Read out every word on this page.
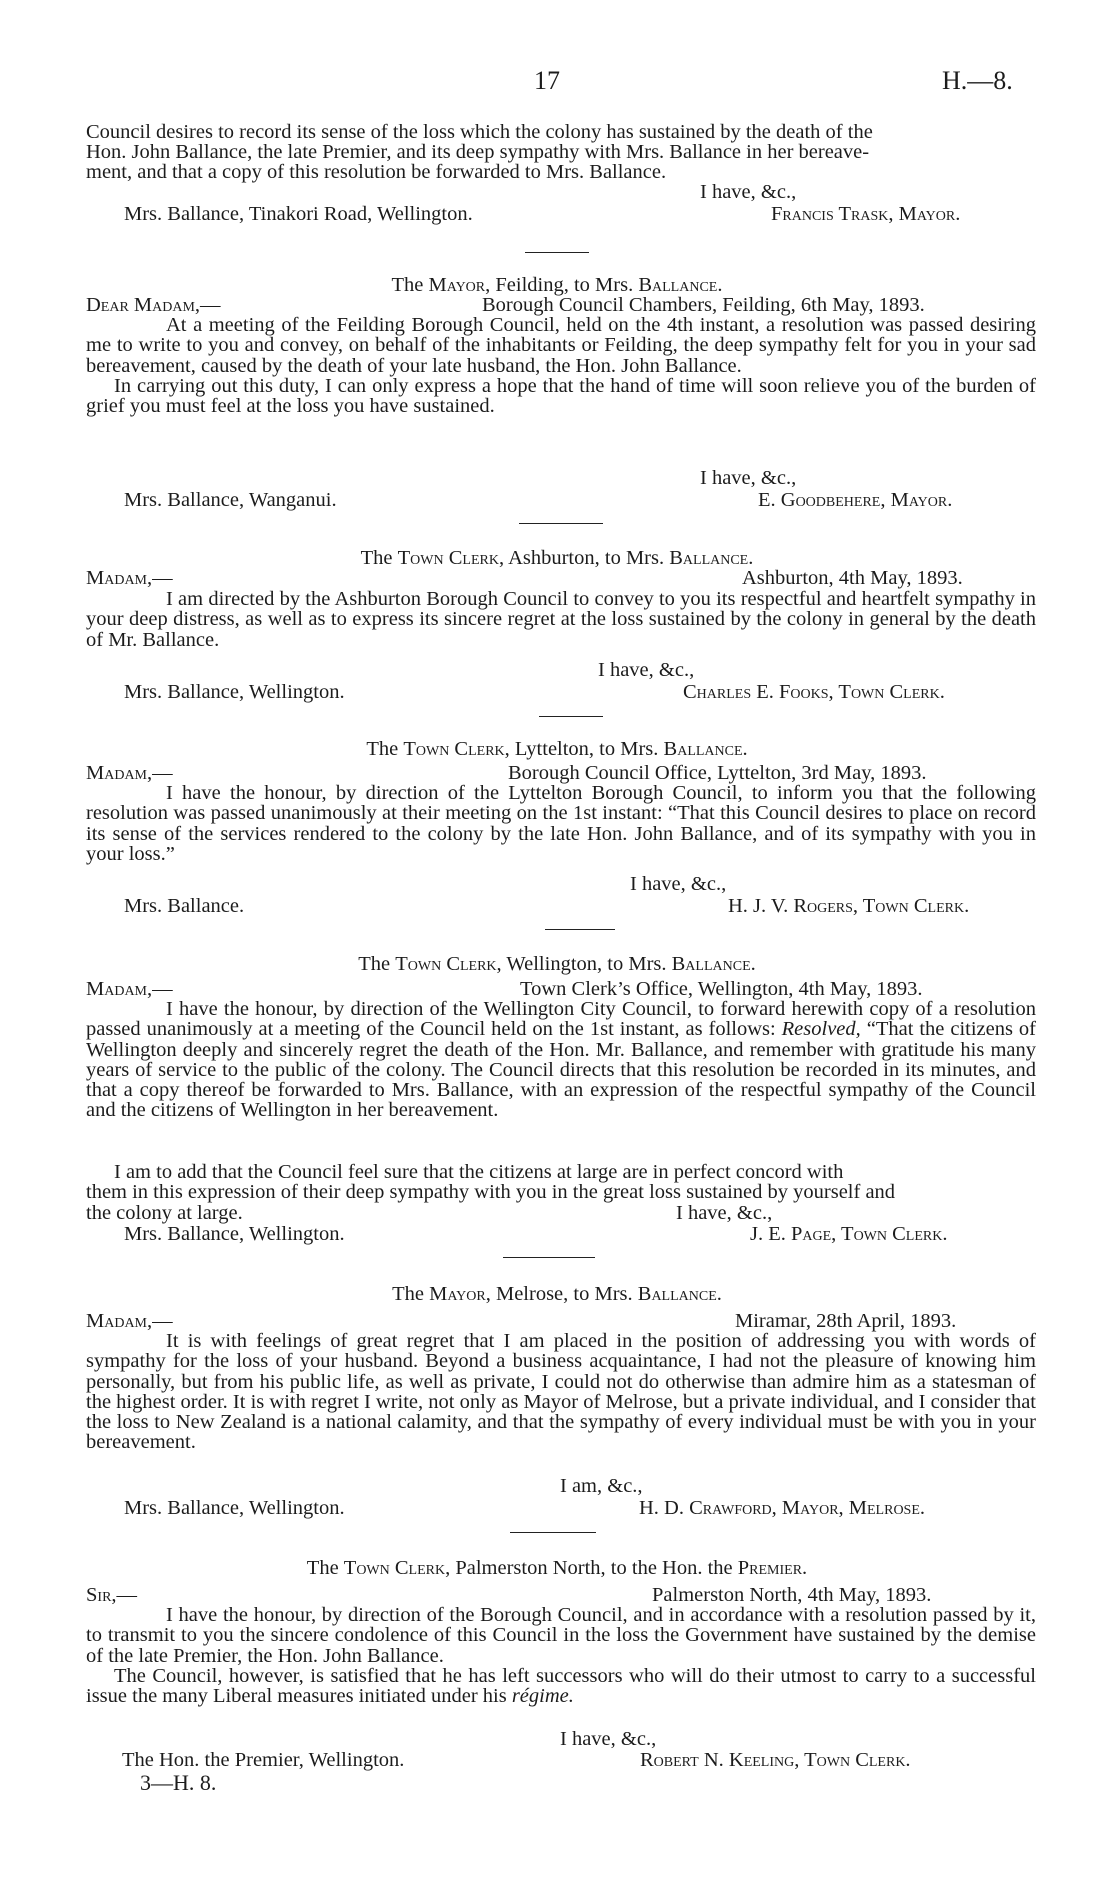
17	H.—8.
Council desires to record its sense of the loss which the colony has sustained by the death of the
Hon. John Ballance, the late Premier, and its deep sympathy with Mrs. Ballance in her bereave-
ment, and that a copy of this resolution be forwarded to Mrs. Ballance.
I have, &c.,
Mrs. Ballance, Tinakori Road, Wellington.	Francis Trask, Mayor.
The Mayor, Feilding, to Mrs. Ballance.
Dear Madam,—	Borough Council Chambers, Feilding, 6th May, 1893.

At a meeting of the Feilding Borough Council, held on the 4th instant, a resolution was passed desiring me to write to you and convey, on behalf of the inhabitants or Feilding, the deep sympathy felt for you in your sad bereavement, caused by the death of your late husband, the Hon. John Ballance.

In carrying out this duty, I can only express a hope that the hand of time will soon relieve you of the burden of grief you must feel at the loss you have sustained.

I have, &c.,
Mrs. Ballance, Wanganui.	E. Goodbehere, Mayor.
The Town Clerk, Ashburton, to Mrs. Ballance.
Madam,—	Ashburton, 4th May, 1893.

I am directed by the Ashburton Borough Council to convey to you its respectful and heartfelt sympathy in your deep distress, as well as to express its sincere regret at the loss sustained by the colony in general by the death of Mr. Ballance.

I have, &c.,
Mrs. Ballance, Wellington.	Charles E. Fooks, Town Clerk.
The Town Clerk, Lyttelton, to Mrs. Ballance.
Madam,—	Borough Council Office, Lyttelton, 3rd May, 1893.

I have the honour, by direction of the Lyttelton Borough Council, to inform you that the following resolution was passed unanimously at their meeting on the 1st instant: “That this Council desires to place on record its sense of the services rendered to the colony by the late Hon. John Ballance, and of its sympathy with you in your loss.”

I have, &c.,
Mrs. Ballance.	H. J. V. Rogers, Town Clerk.
The Town Clerk, Wellington, to Mrs. Ballance.
Madam,—	Town Clerk’s Office, Wellington, 4th May, 1893.

I have the honour, by direction of the Wellington City Council, to forward herewith copy of a resolution passed unanimously at a meeting of the Council held on the 1st instant, as follows: Resolved, “That the citizens of Wellington deeply and sincerely regret the death of the Hon. Mr. Ballance, and remember with gratitude his many years of service to the public of the colony. The Council directs that this resolution be recorded in its minutes, and that a copy thereof be forwarded to Mrs. Ballance, with an expression of the respectful sympathy of the Council and the citizens of Wellington in her bereavement.

I am to add that the Council feel sure that the citizens at large are in perfect concord with
them in this expression of their deep sympathy with you in the great loss sustained by yourself and
the colony at large.	I have, &c.,
Mrs. Ballance, Wellington.	J. E. Page, Town Clerk.
The Mayor, Melrose, to Mrs. Ballance.
Madam,—	Miramar, 28th April, 1893.

It is with feelings of great regret that I am placed in the position of addressing you with words of sympathy for the loss of your husband. Beyond a business acquaintance, I had not the pleasure of knowing him personally, but from his public life, as well as private, I could not do otherwise than admire him as a statesman of the highest order. It is with regret I write, not only as Mayor of Melrose, but a private individual, and I consider that the loss to New Zealand is a national calamity, and that the sympathy of every individual must be with you in your bereavement.

I am, &c.,
Mrs. Ballance, Wellington.	H. D. Crawford, Mayor, Melrose.
The Town Clerk, Palmerston North, to the Hon. the Premier.
Sir,—	Palmerston North, 4th May, 1893.

I have the honour, by direction of the Borough Council, and in accordance with a resolution passed by it, to transmit to you the sincere condolence of this Council in the loss the Government have sustained by the demise of the late Premier, the Hon. John Ballance.

The Council, however, is satisfied that he has left successors who will do their utmost to carry to a successful issue the many Liberal measures initiated under his régime.

I have, &c.,
The Hon. the Premier, Wellington.	Robert N. Keeling, Town Clerk.
3—H. 8.
